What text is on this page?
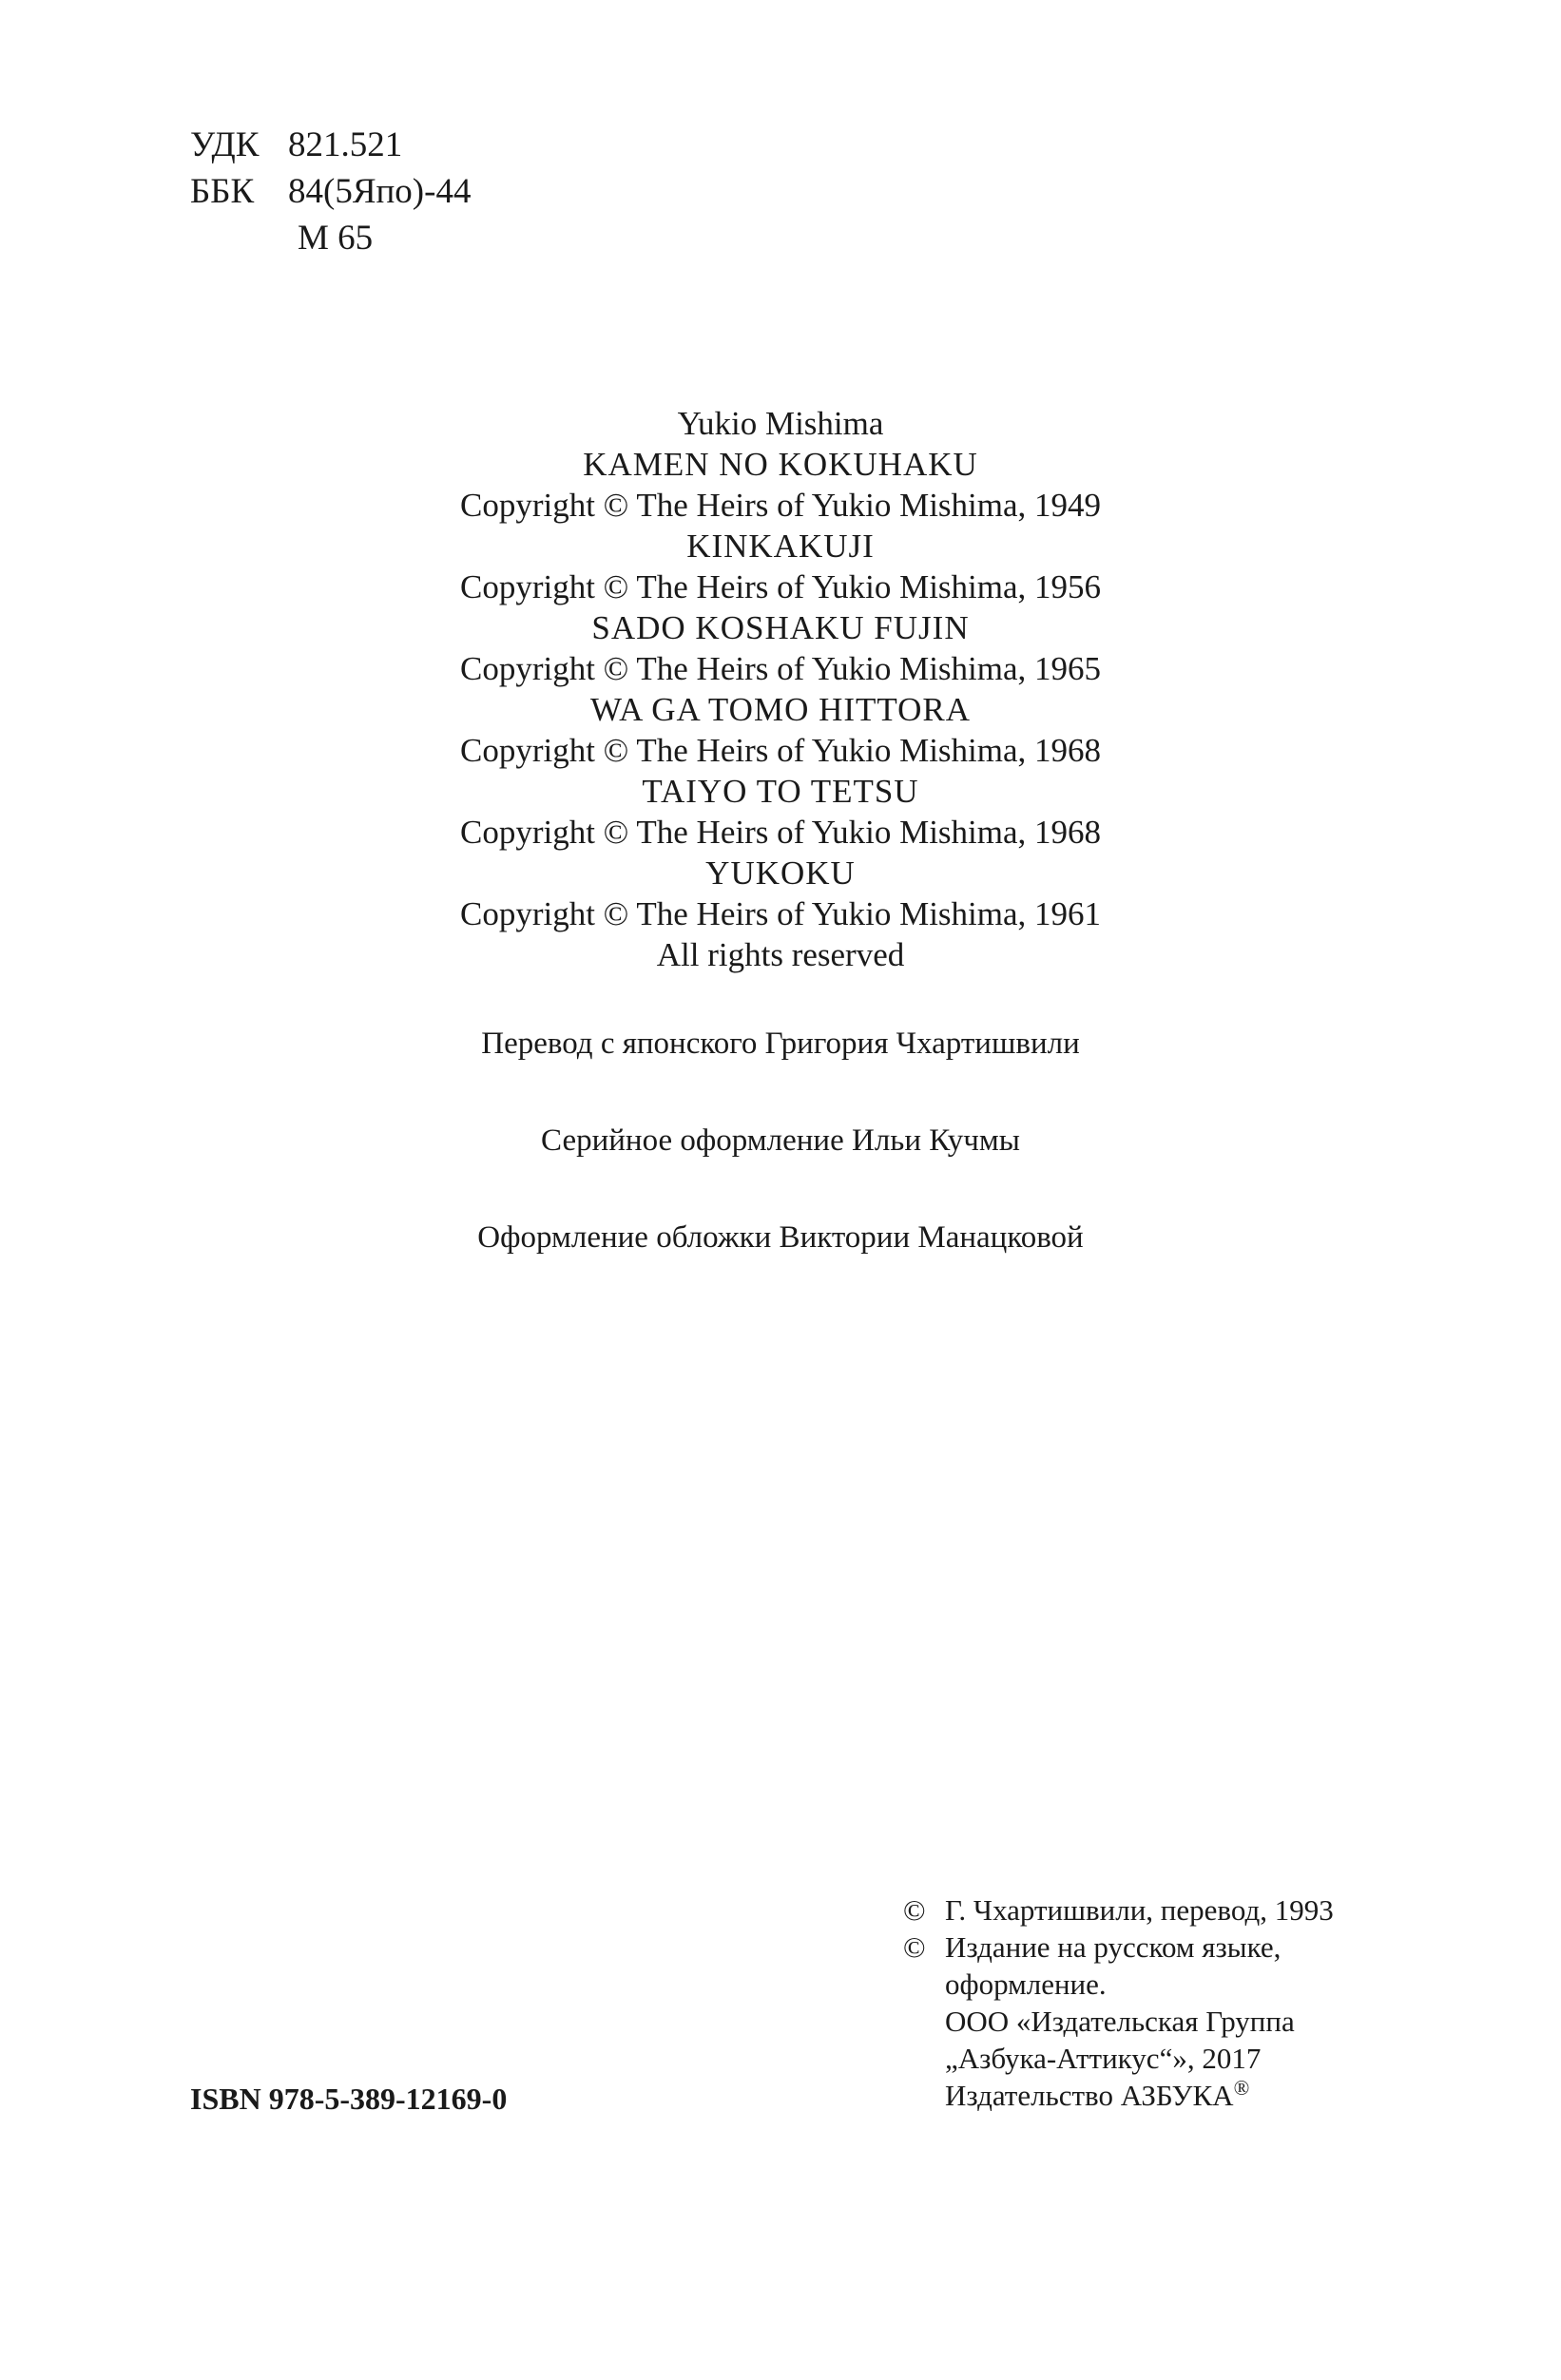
УДК 821.521
ББК 84(5Япо)-44
М 65
Yukio Mishima
KAMEN NO KOKUHAKU
Copyright © The Heirs of Yukio Mishima, 1949
KINKAKUJI
Copyright © The Heirs of Yukio Mishima, 1956
SADO KOSHAKU FUJIN
Copyright © The Heirs of Yukio Mishima, 1965
WA GA TOMO HITTORA
Copyright © The Heirs of Yukio Mishima, 1968
TAIYO TO TETSU
Copyright © The Heirs of Yukio Mishima, 1968
YUKOKU
Copyright © The Heirs of Yukio Mishima, 1961
All rights reserved
Перевод с японского Григория Чхартишвили
Серийное оформление Ильи Кучмы
Оформление обложки Виктории Манацковой
ISBN 978-5-389-12169-0
© Г. Чхартишвили, перевод, 1993
© Издание на русском языке,
оформление.
ООО «Издательская Группа
„Азбука-Аттикус“», 2017
Издательство АЗБУКА®
